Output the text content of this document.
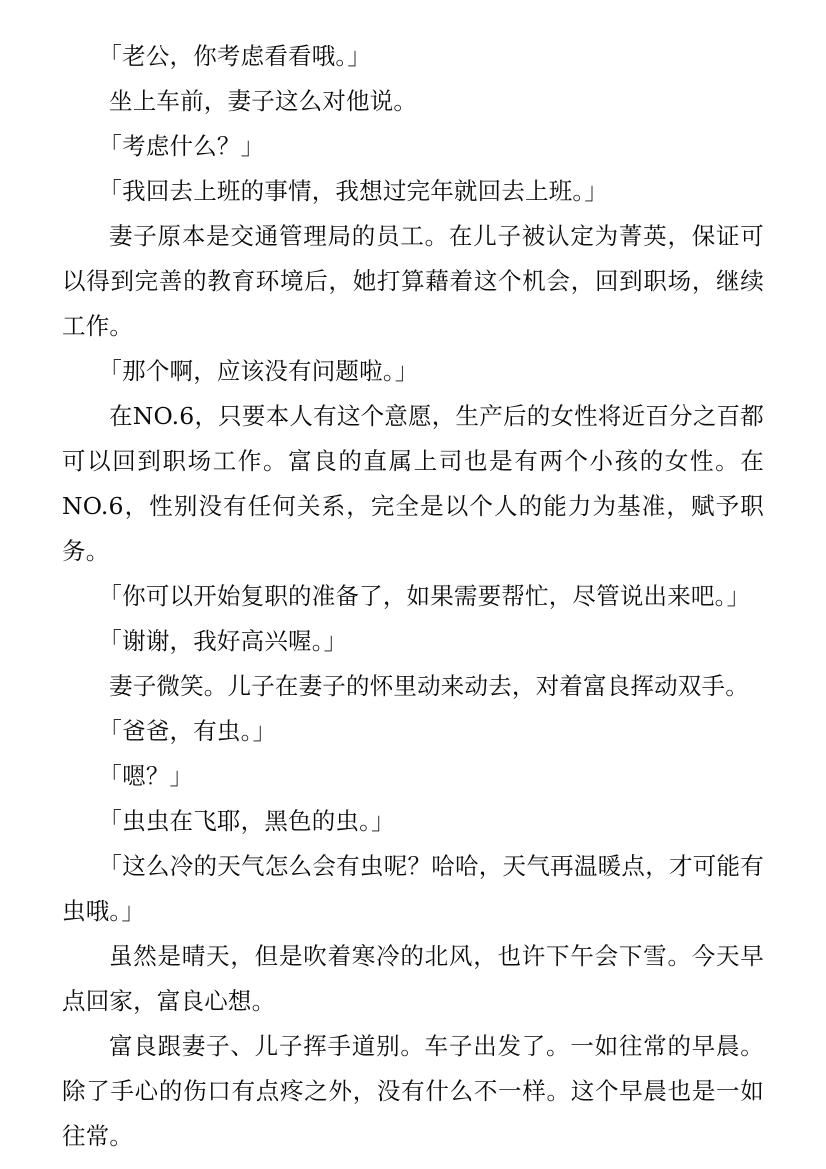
「老公，你考虑看看哦。」

坐上车前，妻子这么对他说。

「考虑什么？」

「我回去上班的事情，我想过完年就回去上班。」

妻子原本是交通管理局的员工。在儿子被认定为菁英，保证可以得到完善的教育环境后，她打算藉着这个机会，回到职场，继续工作。

「那个啊，应该没有问题啦。」

在NO.6，只要本人有这个意愿，生产后的女性将近百分之百都可以回到职场工作。富良的直属上司也是有两个小孩的女性。在NO.6，性别没有任何关系，完全是以个人的能力为基准，赋予职务。

「你可以开始复职的准备了，如果需要帮忙，尽管说出来吧。」

「谢谢，我好高兴喔。」

妻子微笑。儿子在妻子的怀里动来动去，对着富良挥动双手。

「爸爸，有虫。」

「嗯？」

「虫虫在飞耶，黑色的虫。」

「这么冷的天气怎么会有虫呢？哈哈，天气再温暖点，才可能有虫哦。」

虽然是晴天，但是吹着寒冷的北风，也许下午会下雪。今天早点回家，富良心想。

富良跟妻子、儿子挥手道别。车子出发了。一如往常的早晨。除了手心的伤口有点疼之外，没有什么不一样。这个早晨也是一如往常。
